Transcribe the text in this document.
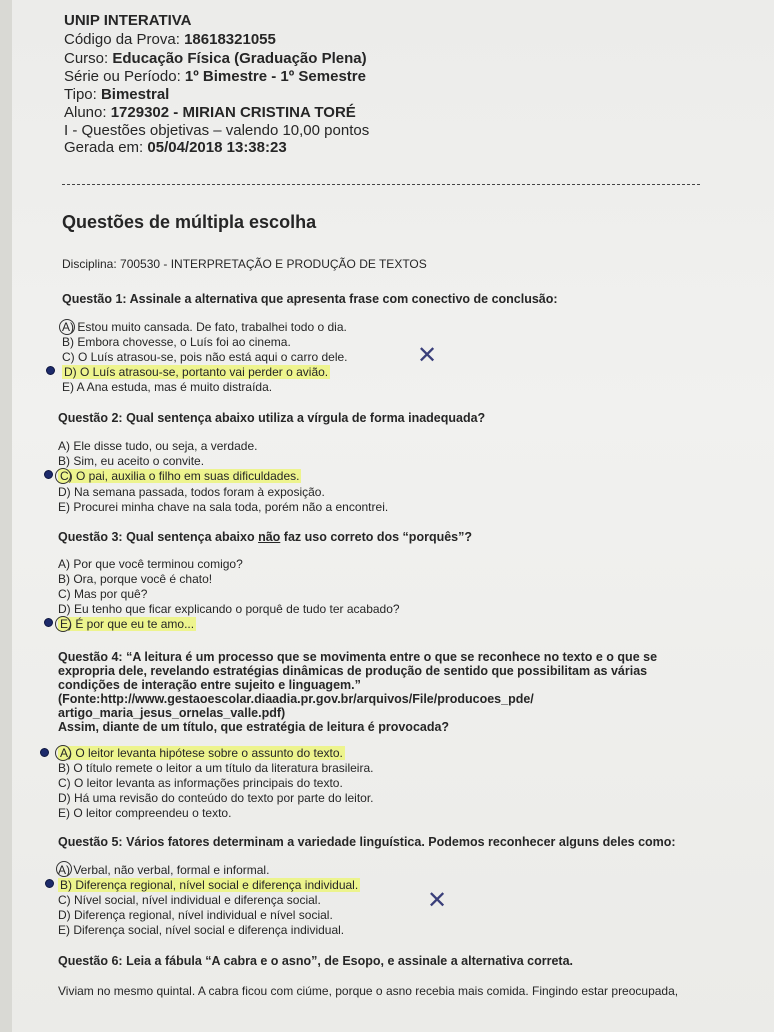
UNIP INTERATIVA
Código da Prova: 18618321055
Curso: Educação Física (Graduação Plena)
Série ou Período: 1º Bimestre - 1º Semestre
Tipo: Bimestral
Aluno: 1729302 - MIRIAN CRISTINA TORÉ
I - Questões objetivas – valendo 10,00 pontos
Gerada em: 05/04/2018 13:38:23
Questões de múltipla escolha
Disciplina: 700530 - INTERPRETAÇÃO E PRODUÇÃO DE TEXTOS
Questão 1: Assinale a alternativa que apresenta frase com conectivo de conclusão:
A) Estou muito cansada. De fato, trabalhei todo o dia.
B) Embora chovesse, o Luís foi ao cinema.
C) O Luís atrasou-se, pois não está aqui o carro dele.
D) O Luís atrasou-se, portanto vai perder o avião.
E) A Ana estuda, mas é muito distraída.
✕
Questão 2: Qual sentença abaixo utiliza a vírgula de forma inadequada?
A) Ele disse tudo, ou seja, a verdade.
B) Sim, eu aceito o convite.
C) O pai, auxilia o filho em suas dificuldades.
D) Na semana passada, todos foram à exposição.
E) Procurei minha chave na sala toda, porém não a encontrei.
Questão 3: Qual sentença abaixo não faz uso correto dos “porquês”?
A) Por que você terminou comigo?
B) Ora, porque você é chato!
C) Mas por quê?
D) Eu tenho que ficar explicando o porquê de tudo ter acabado?
E) É por que eu te amo...
Questão 4: “A leitura é um processo que se movimenta entre o que se reconhece no texto e o que se
expropria dele, revelando estratégias dinâmicas de produção de sentido que possibilitam as várias
condições de interação entre sujeito e linguagem.”
(Fonte:http://www.gestaoescolar.diaadia.pr.gov.br/arquivos/File/producoes_pde/
artigo_maria_jesus_ornelas_valle.pdf)
Assim, diante de um título, que estratégia de leitura é provocada?
A) O leitor levanta hipótese sobre o assunto do texto.
B) O título remete o leitor a um título da literatura brasileira.
C) O leitor levanta as informações principais do texto.
D) Há uma revisão do conteúdo do texto por parte do leitor.
E) O leitor compreendeu o texto.
Questão 5: Vários fatores determinam a variedade linguística. Podemos reconhecer alguns deles como:
A) Verbal, não verbal, formal e informal.
B) Diferença regional, nível social e diferença individual.
C) Nível social, nível individual e diferença social.
D) Diferença regional, nível individual e nível social.
E) Diferença social, nível social e diferença individual.
✕
Questão 6: Leia a fábula “A cabra e o asno”, de Esopo, e assinale a alternativa correta.
Viviam no mesmo quintal. A cabra ficou com ciúme, porque o asno recebia mais comida. Fingindo estar preocupada,
